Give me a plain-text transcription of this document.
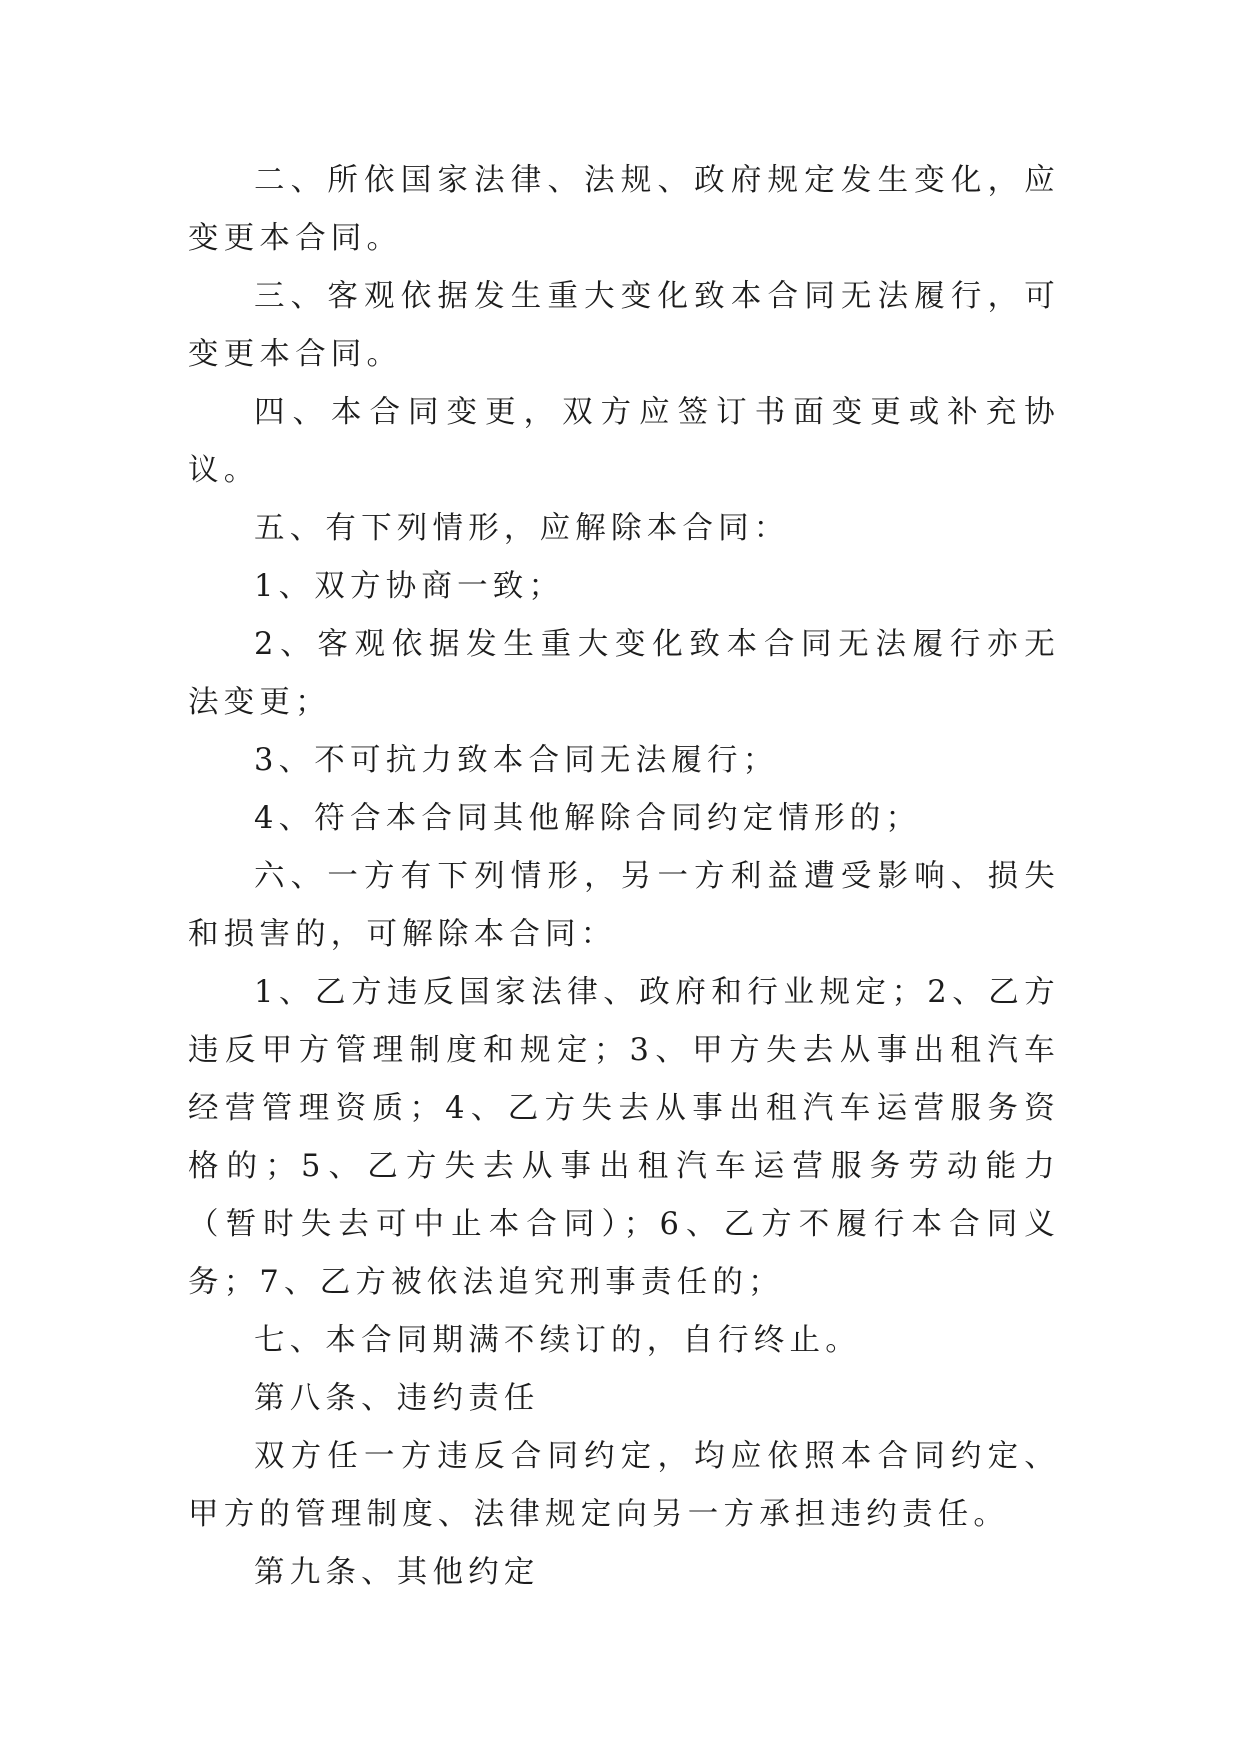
二、所依国家法律、法规、政府规定发生变化，应变更本合同。

三、客观依据发生重大变化致本合同无法履行，可变更本合同。

四、本合同变更，双方应签订书面变更或补充协议。

五、有下列情形，应解除本合同：

1、双方协商一致；

2、客观依据发生重大变化致本合同无法履行亦无法变更；

3、不可抗力致本合同无法履行；

4、符合本合同其他解除合同约定情形的；

六、一方有下列情形，另一方利益遭受影响、损失和损害的，可解除本合同：

1、乙方违反国家法律、政府和行业规定；2、乙方违反甲方管理制度和规定；3、甲方失去从事出租汽车经营管理资质；4、乙方失去从事出租汽车运营服务资格的；5、乙方失去从事出租汽车运营服务劳动能力（暂时失去可中止本合同）；6、乙方不履行本合同义务；7、乙方被依法追究刑事责任的；

七、本合同期满不续订的，自行终止。

第八条、违约责任

双方任一方违反合同约定，均应依照本合同约定、甲方的管理制度、法律规定向另一方承担违约责任。

第九条、其他约定
